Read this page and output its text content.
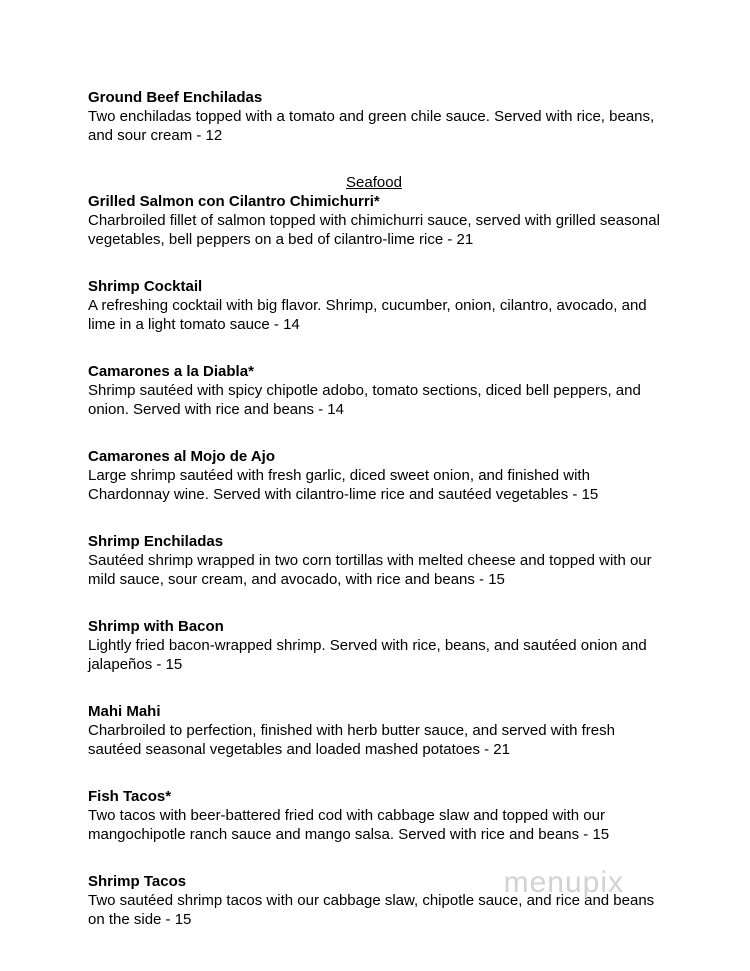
Ground Beef Enchiladas

Two enchiladas topped with a tomato and green chile sauce. Served with rice, beans, and sour cream - 12

Seafood
Grilled Salmon con Cilantro Chimichurri*

Charbroiled fillet of salmon topped with chimichurri sauce, served with grilled seasonal vegetables, bell peppers on a bed of cilantro-lime rice - 21

Shrimp Cocktail

A refreshing cocktail with big flavor. Shrimp, cucumber, onion, cilantro, avocado, and lime in a light tomato sauce - 14

Camarones a la Diabla*

Shrimp sautéed with spicy chipotle adobo, tomato sections, diced bell peppers, and onion. Served with rice and beans - 14

Camarones al Mojo de Ajo

Large shrimp sautéed with fresh garlic, diced sweet onion, and finished with Chardonnay wine. Served with cilantro-lime rice and sautéed vegetables - 15

Shrimp Enchiladas

Sautéed shrimp wrapped in two corn tortillas with melted cheese and topped with our mild sauce, sour cream, and avocado, with rice and beans - 15

Shrimp with Bacon

Lightly fried bacon-wrapped shrimp. Served with rice, beans, and sautéed onion and jalapeños - 15

Mahi Mahi

Charbroiled to perfection, finished with herb butter sauce, and served with fresh sautéed seasonal vegetables and loaded mashed potatoes - 21

Fish Tacos*

Two tacos with beer-battered fried cod with cabbage slaw and topped with our mangochipotle ranch sauce and mango salsa. Served with rice and beans - 15

Shrimp Tacos

Two sautéed shrimp tacos with our cabbage slaw, chipotle sauce, and rice and beans on the side - 15

menupix
